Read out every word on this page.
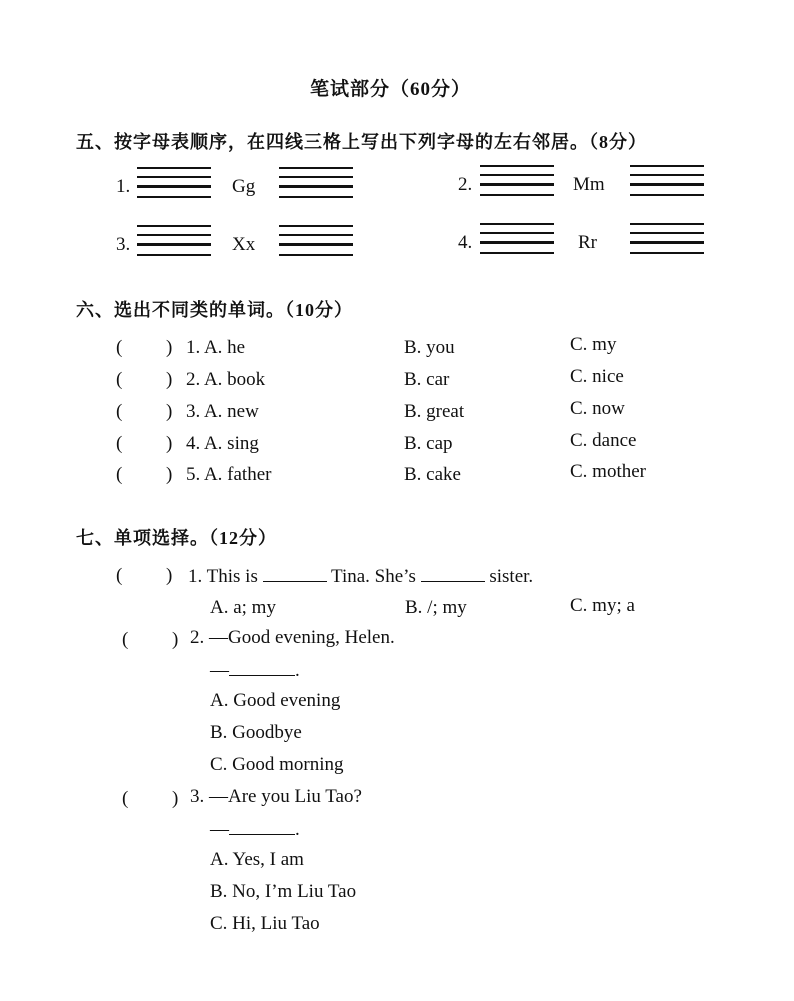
笔试部分（60分）
五、按字母表顺序，在四线三格上写出下列字母的左右邻居。（8分）
1.	Gg	2.	Mm
3.	Xx	4.	Rr
六、选出不同类的单词。（10分）
( ) 1. A. he	B. you	C. my
( ) 2. A. book	B. car	C. nice
( ) 3. A. new	B. great	C. now
( ) 4. A. sing	B. cap	C. dance
( ) 5. A. father	B. cake	C. mother
七、单项选择。（12分）
( ) 1. This is	Tina. She’s	sister.
A. a; my	B. /; my	C. my; a
( ) 2. —Good evening, Helen.
—	.
A. Good evening
B. Goodbye
C. Good morning
( ) 3. —Are you Liu Tao?
—	.
A. Yes, I am
B. No, I’m Liu Tao
C. Hi, Liu Tao
